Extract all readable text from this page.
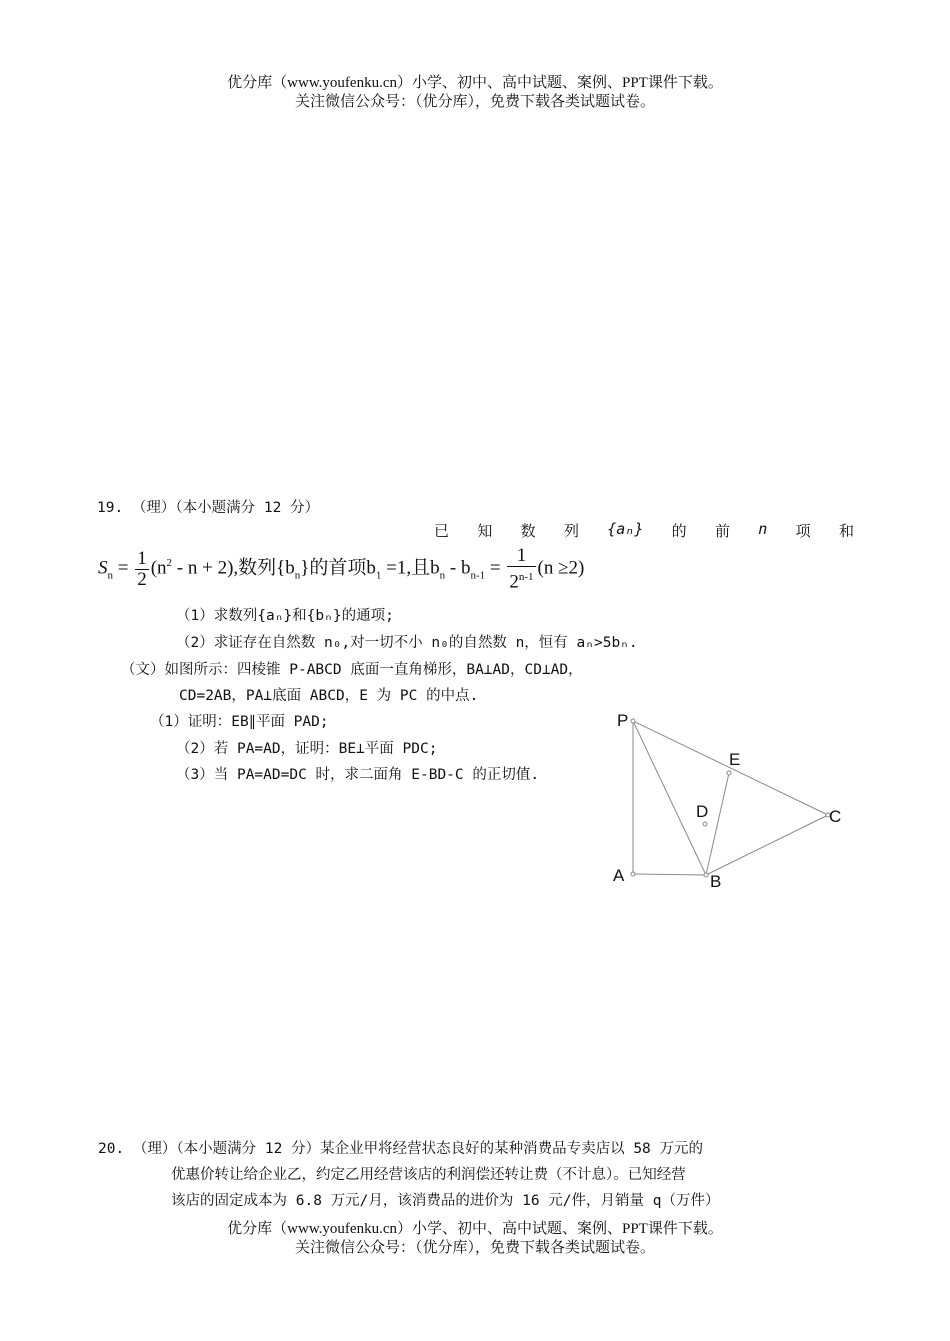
优分库（www.youfenku.cn）小学、初中、高中试题、案例、PPT课件下载。
关注微信公众号：（优分库），免费下载各类试题试卷。
19. （理）（本小题满分 12 分）
已 知 数 列 {aₙ} 的 前 n 项 和
$S_n = \frac{1}{2} (n^2 - n + 2)$,数列$\{b_n\}$的首项$b_1 =1$,且$b_n - b_{n-1} = \frac{1}{2^{n-1}} (n \ge 2)$
（1）求数列{aₙ}和{bₙ}的通项;
（2）求证存在自然数 n₀,对一切不小 n₀的自然数 n，恒有 aₙ>5bₙ.
（文）如图所示：四棱锥 P-ABCD 底面一直角梯形，BA⊥AD，CD⊥AD，
CD=2AB，PA⊥底面 ABCD，E 为 PC 的中点.
（1）证明：EB∥平面 PAD;
（2）若 PA=AD，证明：BE⊥平面 PDC;
（3）当 PA=AD=DC 时，求二面角 E-BD-C 的正切值.
P
E
D	C
A	B
20. （理）（本小题满分 12 分）某企业甲将经营状态良好的某种消费品专卖店以 58 万元的
优惠价转让给企业乙，约定乙用经营该店的利润偿还转让费（不计息）。已知经营
该店的固定成本为 6.8 万元/月，该消费品的进价为 16 元/件，月销量 q（万件）
优分库（www.youfenku.cn）小学、初中、高中试题、案例、PPT课件下载。
关注微信公众号：（优分库），免费下载各类试题试卷。
